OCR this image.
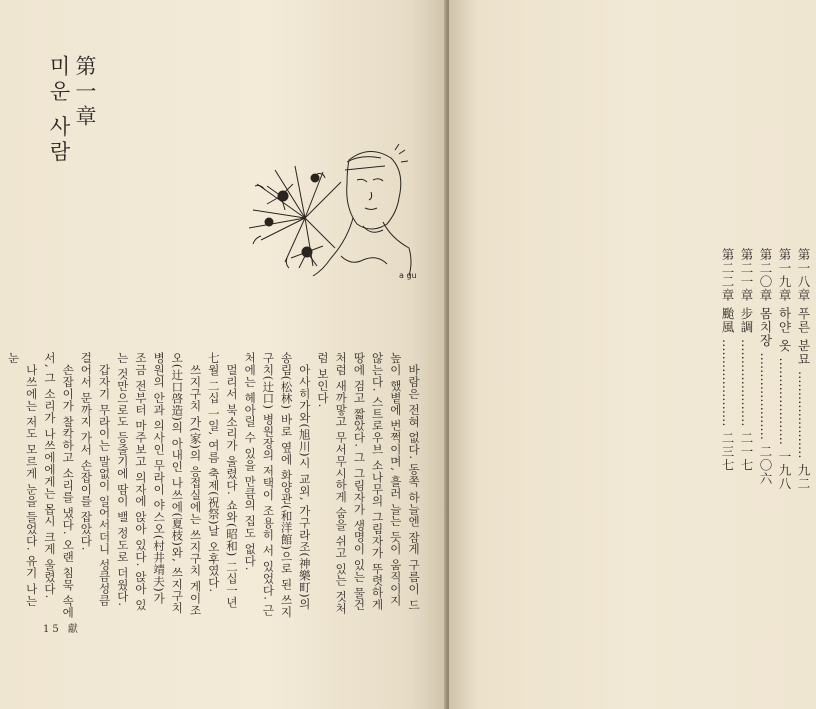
第一章
미운 사람
a gu

바람은 전혀 없다. 동쪽 하늘엔 잠게 구름이 드높이 했볕에 번쩍이며, 흘러 늘는 듯이 움직이지 않는다. 스트로우브 소나무의 그림자가 뚜렷하게 땅에 검고 짧았다. 그 그림자가 생명이 있는 물건처럼 새까맣고 무서무시하게 숨을 쉬고 있는 것처럼 보인다.

아사히가와(旭川)시 교외, 가구라조(神樂町)의 송림(松林) 바로 옆에 화양관(和洋館)으로 된 쓰지구치(辻口) 병원장의 저택이 조용히 서 있었다. 근처에는 헤아릴 수 있을 만큼의 집도 없다.

멀리서 북소리가 울렸다. 쇼와(昭和) 二십一년 七월 二십 一일, 여름 축제(祝祭)날 오후였다.

쓰지구치 가(家)의 응접실에는 쓰지구치 게이조오(辻口啓造)의 아내인 나쓰에(夏枝)와, 쓰지구치 병원의 안과 의사인 무라이 야스오(村井靖夫)가 조금 전부터 마주보고 의자에 앉아 있다. 앉아 있는 것만으로도 등줄기에 땀이 밸 정도로 더웠다.

갑자기 무라이는 말없이 일어서더니 성큼성큼 걸어서 문까지 가서 손잡이를 잡았다.

손잡이가 찰칵하고 소리를 냈다. 오랜 침묵 속에서, 그 소리가 나쓰에에게는 몹시 크게 울렸다.

나쓰에는 저도 모르게 눈을 들었다. 유기 나는 눈

15 獻
第一八章 푸른 분묘 ………………… 九二
第一九章 하얀 옷 ………………… 一九八
第二〇章 몸치장 ………………… 二〇六
第二一章 步調 ………………… 二一七
第二二章 颱風 ………………… 二三七
